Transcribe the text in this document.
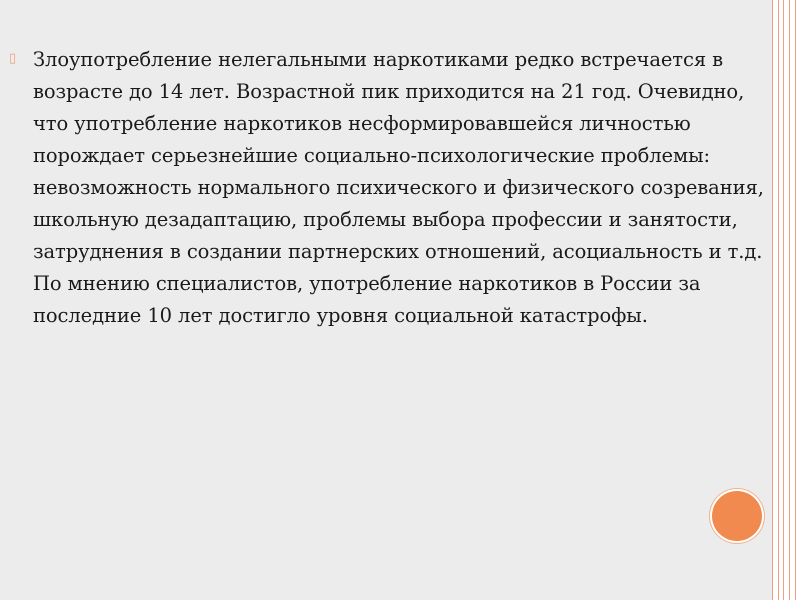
▯ Злоупотребление нелегальными наркотиками редко встречается в возрасте до 14 лет. Возрастной пик приходится на 21 год. Очевидно, что употребление наркотиков несформировавшейся личностью порождает серьезнейшие социально-психологические проблемы: невозможность нормального психического и физического созревания, школьную дезадаптацию, проблемы выбора профессии и занятости, затруднения в создании партнерских отношений, асоциальность и т.д. По мнению специалистов, употребление наркотиков в России за последние 10 лет достигло уровня социальной катастрофы.
